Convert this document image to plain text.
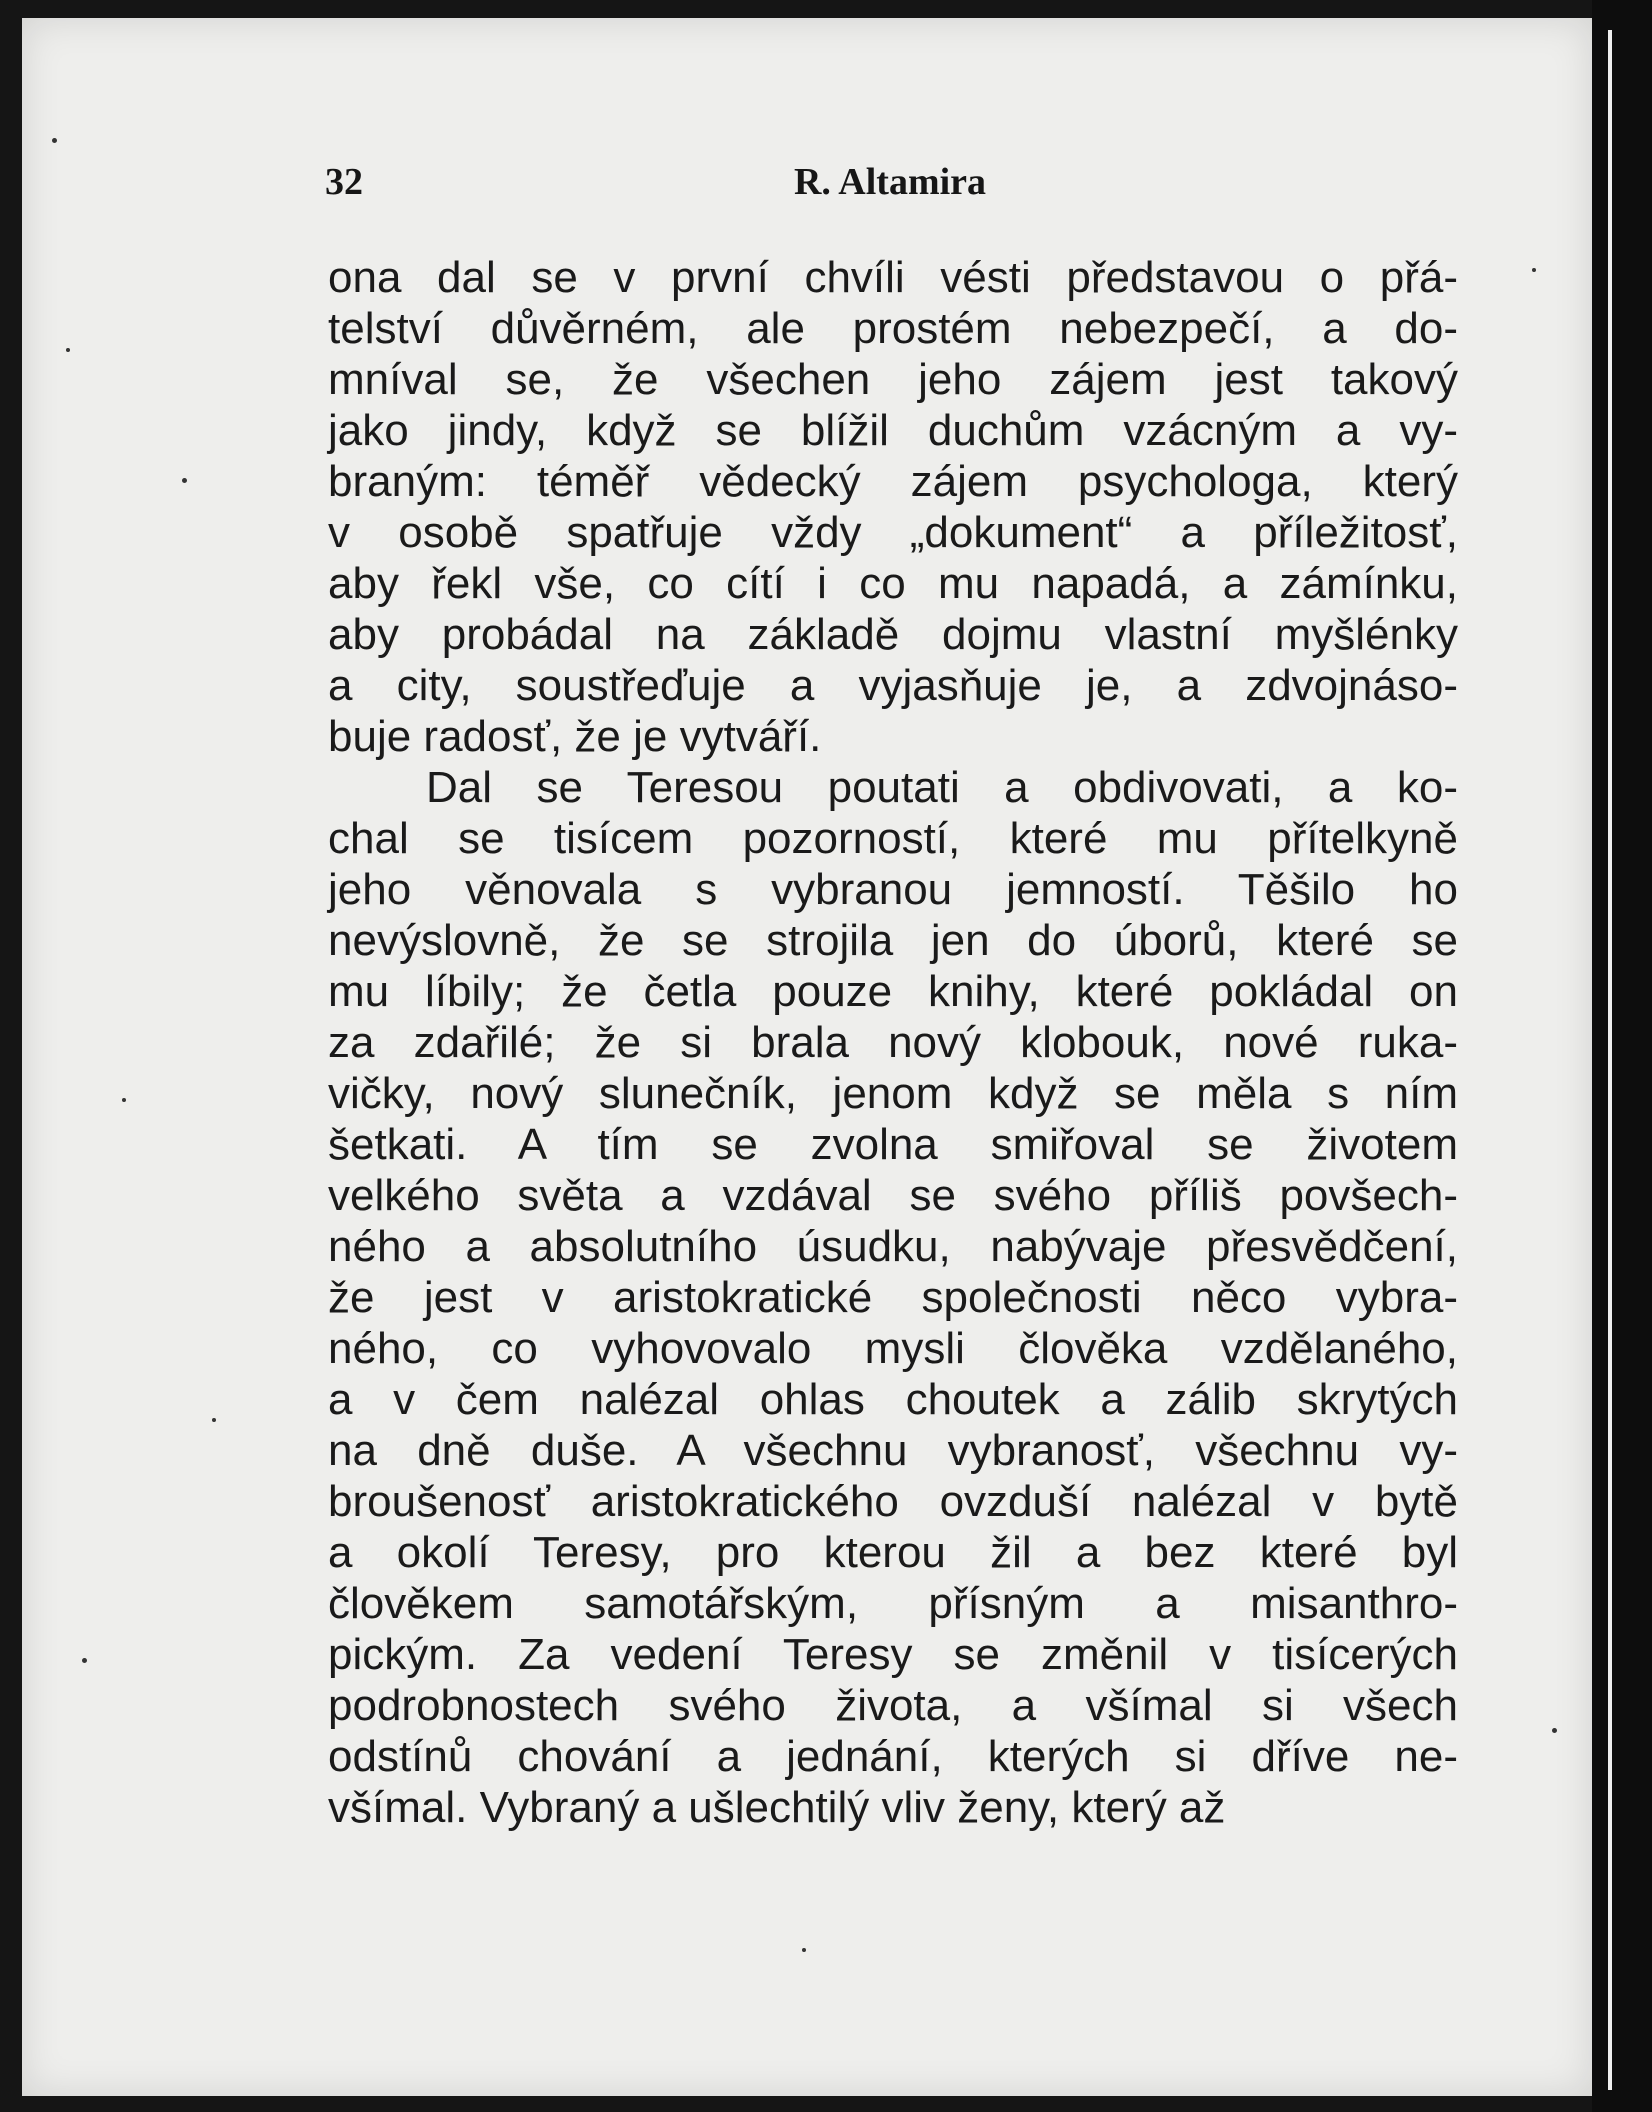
32	R. Altamira
ona dal se v první chvíli vésti představou o přá-
telství důvěrném, ale prostém nebezpečí, a do-
mníval se, že všechen jeho zájem jest takový
jako jindy, když se blížil duchům vzácným a vy-
braným: téměř vědecký zájem psychologa, který
v osobě spatřuje vždy „dokument“ a příležitosť,
aby řekl vše, co cítí i co mu napadá, a zámínku,
aby probádal na základě dojmu vlastní myšlénky
a city, soustřeďuje a vyjasňuje je, a zdvojnáso-
buje radosť, že je vytváří.
Dal se Teresou poutati a obdivovati, a ko-
chal se tisícem pozorností, které mu přítelkyně
jeho věnovala s vybranou jemností. Těšilo ho
nevýslovně, že se strojila jen do úborů, které se
mu líbily; že četla pouze knihy, které pokládal on
za zdařilé; že si brala nový klobouk, nové ruka-
vičky, nový slunečník, jenom když se měla s ním
šetkati. A tím se zvolna smiřoval se životem
velkého světa a vzdával se svého příliš povšech-
ného a absolutního úsudku, nabývaje přesvědčení,
že jest v aristokratické společnosti něco vybra-
ného, co vyhovovalo mysli člověka vzdělaného,
a v čem nalézal ohlas choutek a zálib skrytých
na dně duše. A všechnu vybranosť, všechnu vy-
broušenosť aristokratického ovzduší nalézal v bytě
a okolí Teresy, pro kterou žil a bez které byl
člověkem samotářským, přísným a misanthro-
pickým. Za vedení Teresy se změnil v tisícerých
podrobnostech svého života, a všímal si všech
odstínů chování a jednání, kterých si dříve ne-
všímal. Vybraný a ušlechtilý vliv ženy, který až
